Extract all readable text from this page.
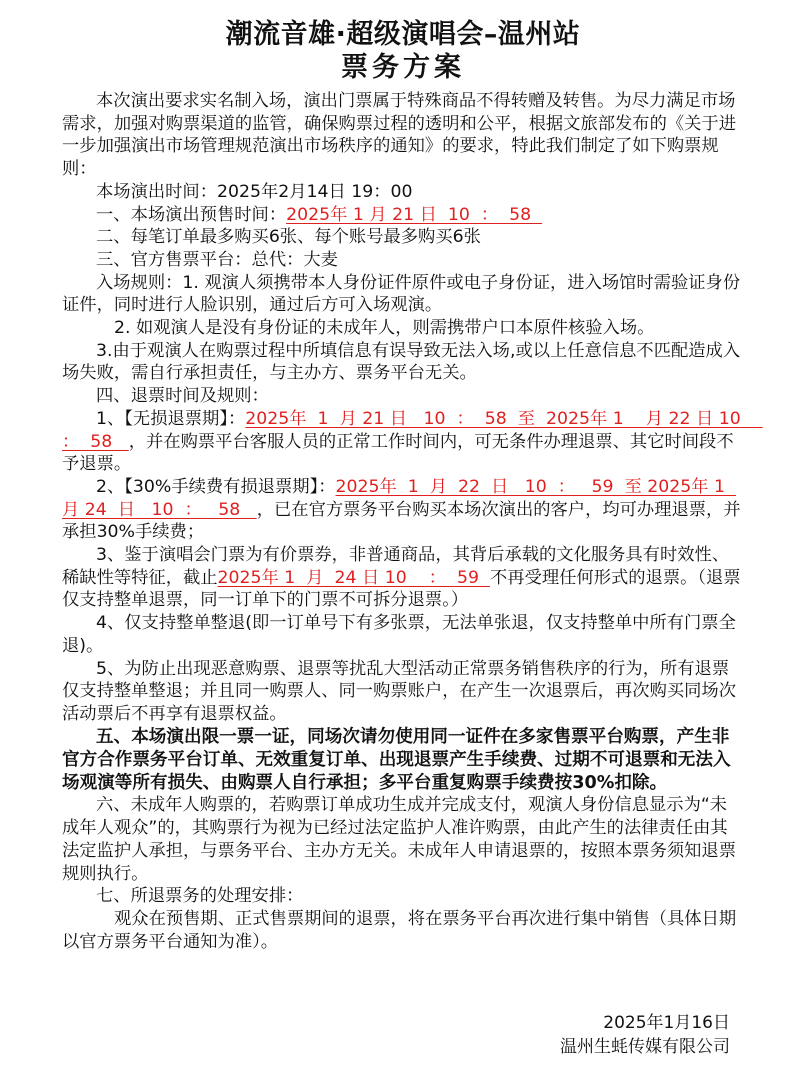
潮流音雄·超级演唱会–温州站
票务方案

本次演出要求实名制入场，演出门票属于特殊商品不得转赠及转售。为尽力满足市场需求，加强对购票渠道的监管，确保购票过程的透明和公平，根据文旅部发布的《关于进一步加强演出市场管理规范演出市场秩序的通知》的要求，特此我们制定了如下购票规则：

本场演出时间：2025年2月14日 19：00

一、本场演出预售时间：2025年 1 月 21 日  10  ：  58

二、每笔订单最多购买6张、每个账号最多购买6张

三、官方售票平台：总代：大麦

入场规则：1. 观演人须携带本人身份证件原件或电子身份证，进入场馆时需验证身份证件，同时进行人脸识别，通过后方可入场观演。

2. 如观演人是没有身份证的未成年人，则需携带户口本原件核验入场。

3.由于观演人在购票过程中所填信息有误导致无法入场,或以上任意信息不匹配造成入场失败，需自行承担责任，与主办方、票务平台无关。

四、退票时间及规则：

1、【无损退票期】：2025年  1  月 21 日   10  ：  58  至  2025年 1    月 22 日 10    ：  58   ，并在购票平台客服人员的正常工作时间内，可无条件办理退票、其它时间段不予退票。

2、【30%手续费有损退票期】：2025年  1  月  22  日   10  ：   59  至 2025年 1  月 24  日   10  ：   58   ，已在官方票务平台购买本场次演出的客户，均可办理退票，并承担30%手续费；

3、鉴于演唱会门票为有价票券，非普通商品，其背后承载的文化服务具有时效性、稀缺性等特征，截止2025年 1  月  24 日 10    ：  59  不再受理任何形式的退票。（退票仅支持整单退票，同一订单下的门票不可拆分退票。）

4、仅支持整单整退(即一订单号下有多张票，无法单张退，仅支持整单中所有门票全退)。

5、为防止出现恶意购票、退票等扰乱大型活动正常票务销售秩序的行为，所有退票仅支持整单整退；并且同一购票人、同一购票账户，在产生一次退票后，再次购买同场次活动票后不再享有退票权益。

五、本场演出限一票一证，同场次请勿使用同一证件在多家售票平台购票，产生非官方合作票务平台订单、无效重复订单、出现退票产生手续费、过期不可退票和无法入场观演等所有损失、由购票人自行承担；多平台重复购票手续费按30%扣除。

六、未成年人购票的，若购票订单成功生成并完成支付，观演人身份信息显示为“未成年人观众”的，其购票行为视为已经过法定监护人准许购票，由此产生的法律责任由其法定监护人承担，与票务平台、主办方无关。未成年人申请退票的，按照本票务须知退票规则执行。

七、所退票务的处理安排：

观众在预售期、正式售票期间的退票，将在票务平台再次进行集中销售（具体日期以官方票务平台通知为准）。

2025年1月16日
温州生蚝传媒有限公司
